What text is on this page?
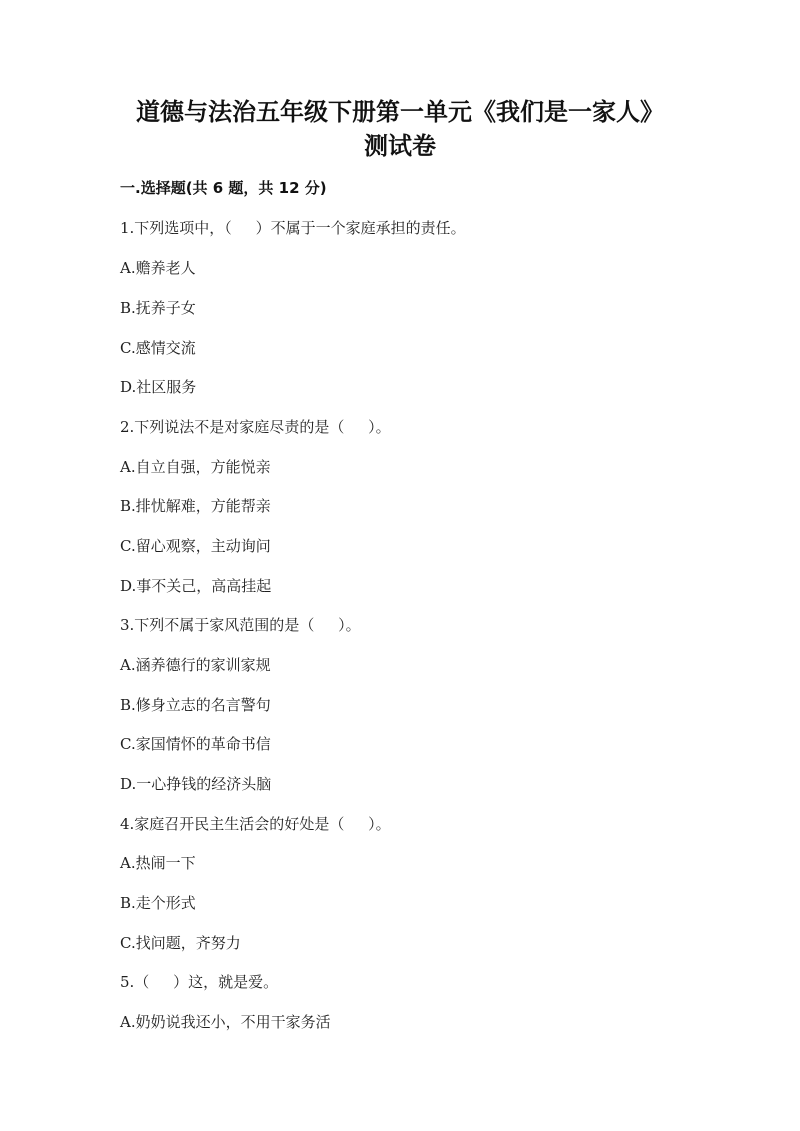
道德与法治五年级下册第一单元《我们是一家人》
测试卷
一.选择题(共 6 题，共 12 分)
1.下列选项中，（     ）不属于一个家庭承担的责任。
A.赡养老人
B.抚养子女
C.感情交流
D.社区服务
2.下列说法不是对家庭尽责的是（     ）。
A.自立自强，方能悦亲
B.排忧解难，方能帮亲
C.留心观察，主动询问
D.事不关己，高高挂起
3.下列不属于家风范围的是（     ）。
A.涵养德行的家训家规
B.修身立志的名言警句
C.家国情怀的革命书信
D.一心挣钱的经济头脑
4.家庭召开民主生活会的好处是（     ）。
A.热闹一下
B.走个形式
C.找问题，齐努力
5.（     ）这，就是爱。
A.奶奶说我还小，不用干家务活
